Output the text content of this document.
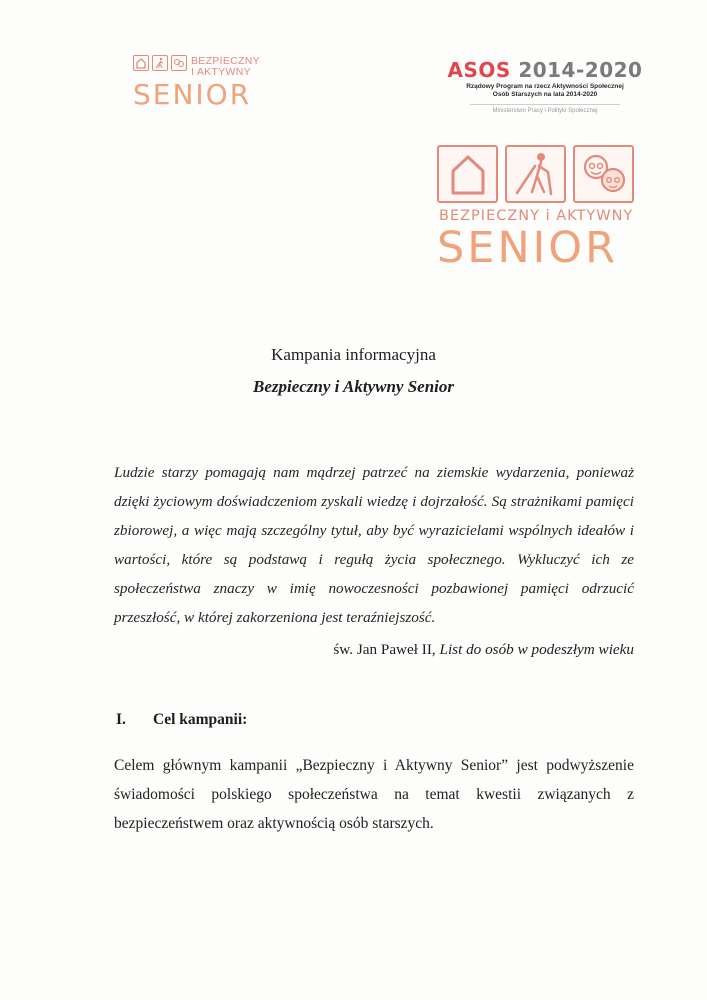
BEZPIECZNY
I AKTYWNY
SENIOR
ASOS 2014-2020
Rządowy Program na rzecz Aktywności Społecznej
Osób Starszych na lata 2014-2020
Ministerstwo Pracy i Polityki Społecznej
BEZPIECZNY i AKTYWNY
SENIOR
Kampania informacyjna
Bezpieczny i Aktywny Senior
Ludzie starzy pomagają nam mądrzej patrzeć na ziemskie wydarzenia, ponieważ dzięki życiowym doświadczeniom zyskali wiedzę i dojrzałość. Są strażnikami pamięci zbiorowej, a więc mają szczególny tytuł, aby być wyrazicielami wspólnych ideałów i wartości, które są podstawą i regułą życia społecznego. Wykluczyć ich ze społeczeństwa znaczy w imię nowoczesności pozbawionej pamięci odrzucić przeszłość, w której zakorzeniona jest teraźniejszość.
św. Jan Paweł II, List do osób w podeszłym wieku
I. Cel kampanii:
Celem głównym kampanii „Bezpieczny i Aktywny Senior” jest podwyższenie świadomości polskiego społeczeństwa na temat kwestii związanych z bezpieczeństwem oraz aktywnością osób starszych.
